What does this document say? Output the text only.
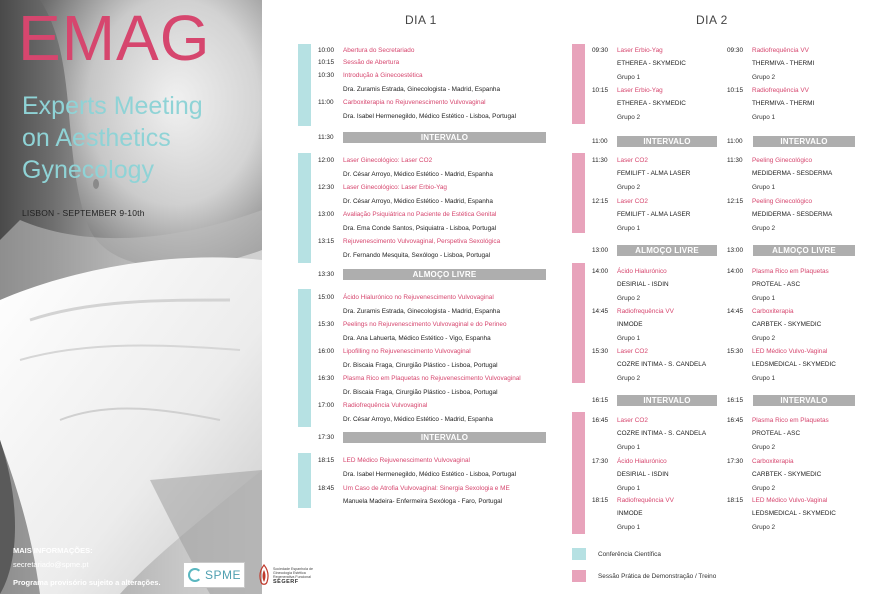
EMAG
Experts Meeting
on Aesthetics
Gynecology
LISBON - SEPTEMBER 9-10th
MAIS INFORMAÇÕES:
secretariado@spme.pt
Programa provisório sujeito a alterações.
SPME	Sociedade Espanhola de
Ginecologia Estética
Regenerativa Funcional
SEGERF
DIA 1	DIA 2
Conferência Científica
Sessão Prática de Demonstração / Treino
10:00 Abertura do Secretariado
10:15 Sessão de Abertura
10:30 Introdução à Ginecoestética
Dra. Zuramis Estrada, Ginecologista - Madrid, Espanha
11:00 Carboxiterapia no Rejuvenescimento Vulvovaginal
Dra. Isabel Hermenegildo, Médico Estético - Lisboa, Portugal
11:30	INTERVALO
12:00 Laser Ginecológico: Laser CO2
Dr. César Arroyo, Médico Estético - Madrid, Espanha
12:30 Laser Ginecológico: Laser Erbio-Yag
Dr. César Arroyo, Médico Estético - Madrid, Espanha
13:00 Avaliação Psiquiátrica no Paciente de Estética Genital
Dra. Ema Conde Santos, Psiquiatra - Lisboa, Portugal
13:15 Rejuvenescimento Vulvovaginal, Perspetiva Sexológica
Dr. Fernando Mesquita, Sexólogo - Lisboa, Portugal
13:30	ALMOÇO LIVRE
15:00 Ácido Hialurónico no Rejuvenescimento Vulvovaginal
Dra. Zuramis Estrada, Ginecologista - Madrid, Espanha
15:30 Peelings no Rejuvenescimento Vulvovaginal e do Perineo
Dra. Ana Lahuerta, Médico Estético - Vigo, Espanha
16:00 Lipofilling no Rejuvenescimento Vulvovaginal
Dr. Biscaia Fraga, Cirurgião Plástico - Lisboa, Portugal
16:30 Plasma Rico em Plaquetas no Rejuvenescimento Vulvovaginal
Dr. Biscaia Fraga, Cirurgião Plástico - Lisboa, Portugal
17:00 Radiofrequência Vulvovaginal
Dr. César Arroyo, Médico Estético - Madrid, Espanha
17:30	INTERVALO
18:15 LED Médico Rejuvenescimento Vulvovaginal
Dra. Isabel Hermenegildo, Médico Estético - Lisboa, Portugal
18:45 Um Caso de Atrofia Vulvovaginal: Sinergia Sexologia e ME
Manuela Madeira- Enfermeira Sexóloga - Faro, Portugal
09:30 Laser Erbio-Yag
ETHEREA - SKYMEDIC
Grupo 1
10:15 Laser Erbio-Yag
ETHEREA - SKYMEDIC
Grupo 2
11:30 Laser CO2
FEMILIFT - ALMA LASER
Grupo 2
12:15 Laser CO2
FEMILIFT - ALMA LASER
Grupo 1
14:00 Ácido Hialurónico
DESIRIAL - ISDIN
Grupo 2
14:45 Radiofrequência VV
INMODE
Grupo 1
15:30 Laser CO2
COZRE INTIMA - S. CANDELA
Grupo 2
16:45 Laser CO2
COZRE INTIMA - S. CANDELA
Grupo 1
17:30 Ácido Hialurónico
DESIRIAL - ISDIN
Grupo 1
18:15 Radiofrequência VV
INMODE
Grupo 1
09:30 Radiofrequência VV
THERMIVA - THERMI
Grupo 2
10:15 Radiofrequência VV
THERMIVA - THERMI
Grupo 1
11:30 Peeling Ginecológico
MEDIDERMA - SESDERMA
Grupo 1
12:15 Peeling Ginecológico
MEDIDERMA - SESDERMA
Grupo 2
14:00 Plasma Rico em Plaquetas
PROTEAL - ASC
Grupo 1
14:45 Carboxiterapia
CARBTEK - SKYMEDIC
Grupo 2
15:30 LED Médico Vulvo-Vaginal
LEDSMEDICAL - SKYMEDIC
Grupo 1
16:45 Plasma Rico em Plaquetas
PROTEAL - ASC
Grupo 2
17:30 Carboxiterapia
CARBTEK - SKYMEDIC
Grupo 2
18:15 LED Médico Vulvo-Vaginal
LEDSMEDICAL - SKYMEDIC
Grupo 2
11:00	INTERVALO	11:00	INTERVALO
13:00	ALMOÇO LIVRE	13:00	ALMOÇO LIVRE
16:15	INTERVALO	16:15	INTERVALO
